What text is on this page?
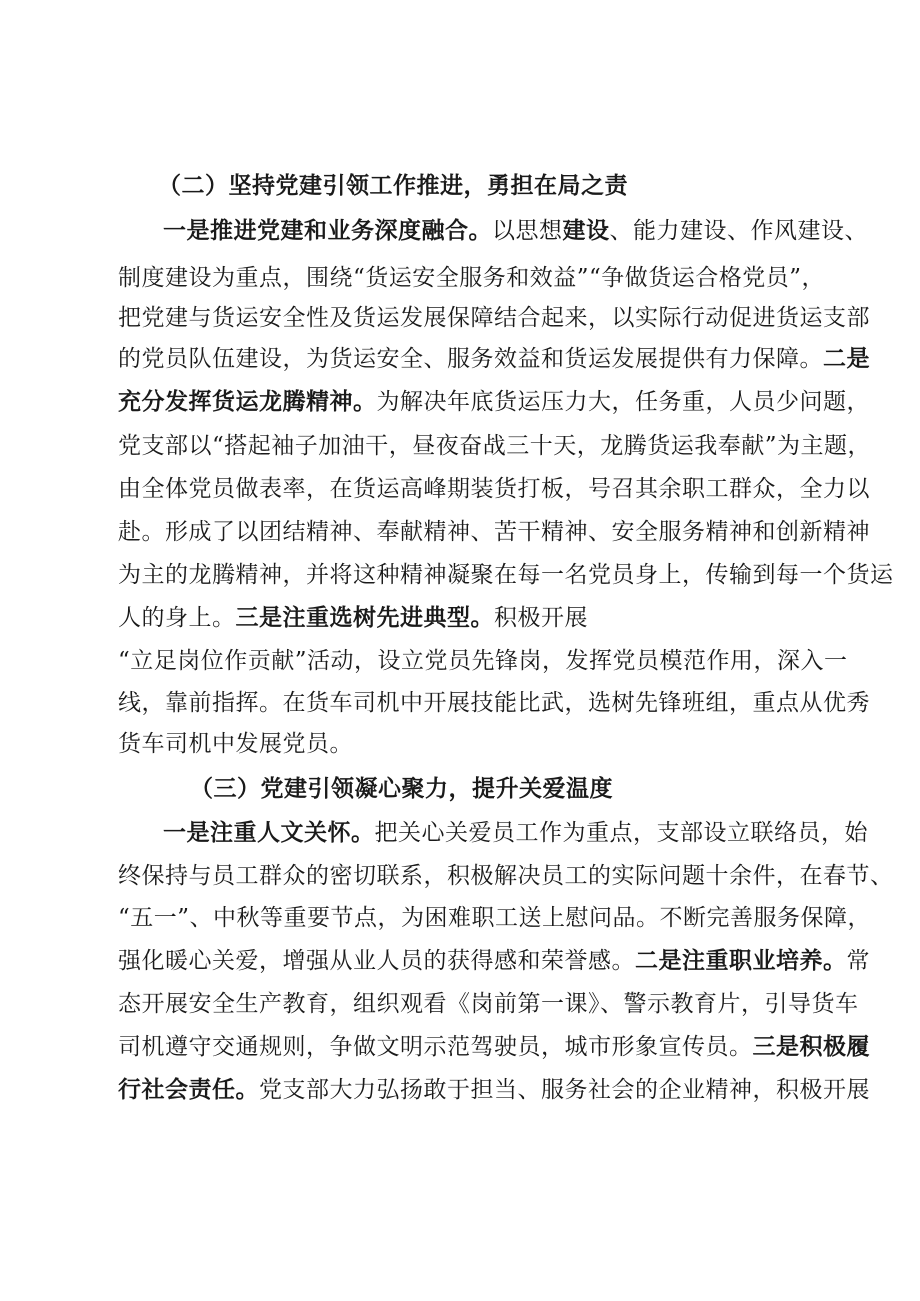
（二）坚持党建引领工作推进，勇担在局之责
一是推进党建和业务深度融合。以思想建设、能力建设、作风建设、
制度建设为重点，围绕“货运安全服务和效益”“争做货运合格党员”，
把党建与货运安全性及货运发展保障结合起来，以实际行动促进货运支部
的党员队伍建设，为货运安全、服务效益和货运发展提供有力保障。二是
充分发挥货运龙腾精神。为解决年底货运压力大，任务重，人员少问题，
党支部以“搭起袖子加油干，昼夜奋战三十天，龙腾货运我奉献”为主题，
由全体党员做表率，在货运高峰期装货打板，号召其余职工群众，全力以
赴。形成了以团结精神、奉献精神、苦干精神、安全服务精神和创新精神
为主的龙腾精神，并将这种精神凝聚在每一名党员身上，传输到每一个货运
人的身上。三是注重选树先进典型。积极开展
“立足岗位作贡献”活动，设立党员先锋岗，发挥党员模范作用，深入一
线，靠前指挥。在货车司机中开展技能比武，选树先锋班组，重点从优秀
货车司机中发展党员。
（三）党建引领凝心聚力，提升关爱温度
一是注重人文关怀。把关心关爱员工作为重点，支部设立联络员，始
终保持与员工群众的密切联系，积极解决员工的实际问题十余件，在春节、
“五一”、中秋等重要节点，为困难职工送上慰问品。不断完善服务保障，
强化暖心关爱，增强从业人员的获得感和荣誉感。二是注重职业培养。常
态开展安全生产教育，组织观看《岗前第一课》、警示教育片，引导货车
司机遵守交通规则，争做文明示范驾驶员，城市形象宣传员。三是积极履
行社会责任。党支部大力弘扬敢于担当、服务社会的企业精神，积极开展
